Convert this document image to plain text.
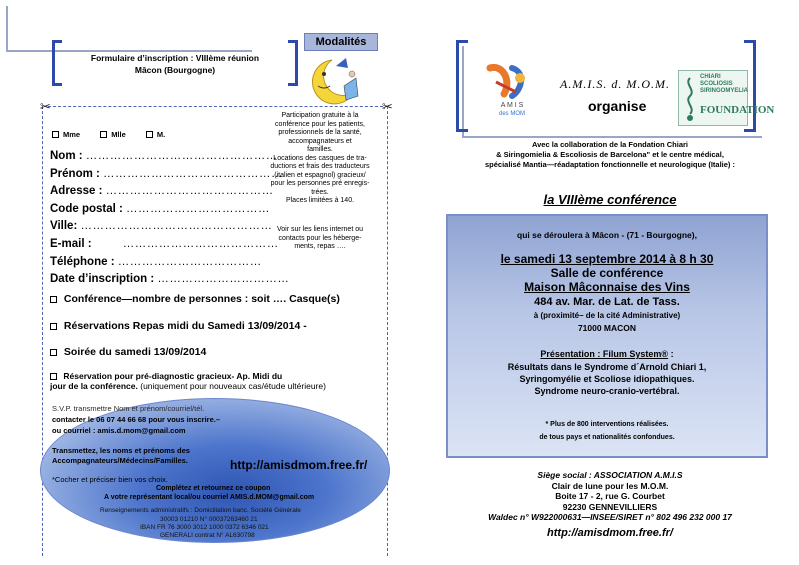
Formulaire d’inscription : VIIIème réunion
Mâcon (Bourgogne)
Modalités
✂	✂
Mme	Mlle	M.
Nom : …………………………………………
Prénom : ………………………………………
Adresse : ……………………………………
Code postal : ………………………………
Ville: …………………………………………
E-mail :	…………………………………
Téléphone : ………………………………
Date d’inscription : ……………………………
Participation gratuite à la
conférence pour les patients,
professionnels de la santé,
accompagnateurs et
familles.
Locations des casques de tra-
ductions et frais des traducteurs
(italien et espagnol) gracieux/
pour les personnes pré enregis-
trées.
Places limitées à 140.
Voir sur les liens internet ou
contacts pour les héberge-
ments, repas ….
Conférence—nombre de personnes : soit …. Casque(s)
Réservations Repas midi du Samedi 13/09/2014 -
Soirée du samedi 13/09/2014
Réservation pour pré-diagnostic gracieux- Ap. Midi du
jour de la conférence. (uniquement pour nouveaux cas/étude ultérieure)
S.V.P. transmettre Nom et prénom/courriel/tél.
contacter le 06 07 44 66 68 pour vous inscrire.–
ou courriel : amis.d.mom@gmail.com
Transmettez, les noms et prénoms des
Accompagnateurs/Médecins/Familles.	http://amisdmom.free.fr/
*Cocher et préciser bien vos choix.
Complétez et retournez ce coupon
A votre représentant local/ou courriel AMIS.d.MOM@gmail.com
Renseignements administratifs : Domiciliation banc. Société Générale
30003 01210 N° 00037263460 21
IBAN FR 76 3000 3012 1000 0372 6346 021
GENERALI contrat N° AL630798
A M I S
des MOM
A.M.I.S. d. M.O.M.
organise
CHIARI
SCOLIOSIS
SIRINGOMYELIA
FOUNDATION
Avec la collaboration de la Fondation Chiari
& Siringomielia & Escoliosis de Barcelona" et le centre médical,
spécialisé Mantia—réadaptation fonctionnelle et neurologique (Italie) :
la VIIIème conférence
qui se déroulera à Mâcon - (71 - Bourgogne),
le samedi 13 septembre 2014 à 8 h 30
Salle de conférence
Maison Mâconnaise des Vins
484 av. Mar. de Lat. de Tass.
à (proximité– de la cité Administrative)
71000 MACON
Présentation : Filum System® :
Résultats dans le Syndrome d´Arnold Chiari 1,
Syringomyélie et Scoliose idiopathiques.
Syndrome neuro-cranio-vertébral.
* Plus de 800 interventions réalisées.
de tous pays et nationalités confondues.
Siège social : ASSOCIATION A.M.I.S
Clair de lune pour les M.O.M.
Boite 17 - 2, rue G. Courbet
92230 GENNEVILLIERS
Waldec n° W922000631—INSEE/SIRET n° 802 496 232 000 17
http://amisdmom.free.fr/
